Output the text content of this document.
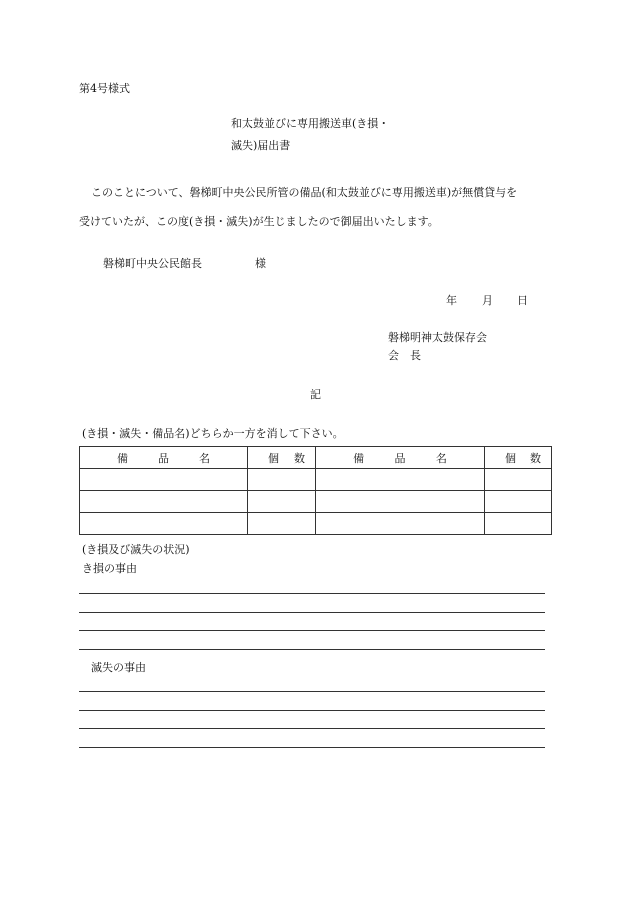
第4号様式
和太鼓並びに専用搬送車(き損・
滅失)届出書
このことについて、磐梯町中央公民所管の備品(和太鼓並びに専用搬送車)が無償貸与を
受けていたが、この度(き損・滅失)が生じましたので御届出いたします。
磐梯町中央公民館長	様
年 月 日
磐梯明神太鼓保存会
会　長
記
(き損・滅失・備品名)どちらか一方を消して下さい。
備 品 名	個 数	備 品 名	個 数

(き損及び滅失の状況)
き損の事由
滅失の事由
